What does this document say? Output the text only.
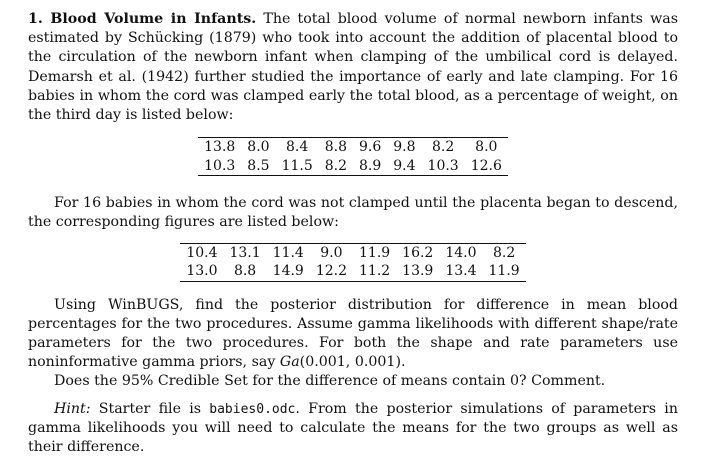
1. Blood Volume in Infants. The total blood volume of normal newborn infants was estimated by Schücking (1879) who took into account the addition of placental blood to the circulation of the newborn infant when clamping of the umbilical cord is delayed. Demarsh et al. (1942) further studied the importance of early and late clamping. For 16 babies in whom the cord was clamped early the total blood, as a percentage of weight, on the third day is listed below:

13.8	8.0	8.4	8.8	9.6	9.8	8.2	8.0
10.3	8.5	11.5	8.2	8.9	9.4	10.3	12.6

For 16 babies in whom the cord was not clamped until the placenta began to descend, the corresponding figures are listed below:

10.4	13.1	11.4	9.0	11.9	16.2	14.0	8.2
13.0	8.8	14.9	12.2	11.2	13.9	13.4	11.9

Using WinBUGS, find the posterior distribution for difference in mean blood percentages for the two procedures. Assume gamma likelihoods with different shape/rate parameters for the two procedures. For both the shape and rate parameters use noninformative gamma priors, say Ga(0.001, 0.001).

Does the 95% Credible Set for the difference of means contain 0? Comment.

Hint: Starter file is babies0.odc. From the posterior simulations of parameters in gamma likelihoods you will need to calculate the means for the two groups as well as their difference.
